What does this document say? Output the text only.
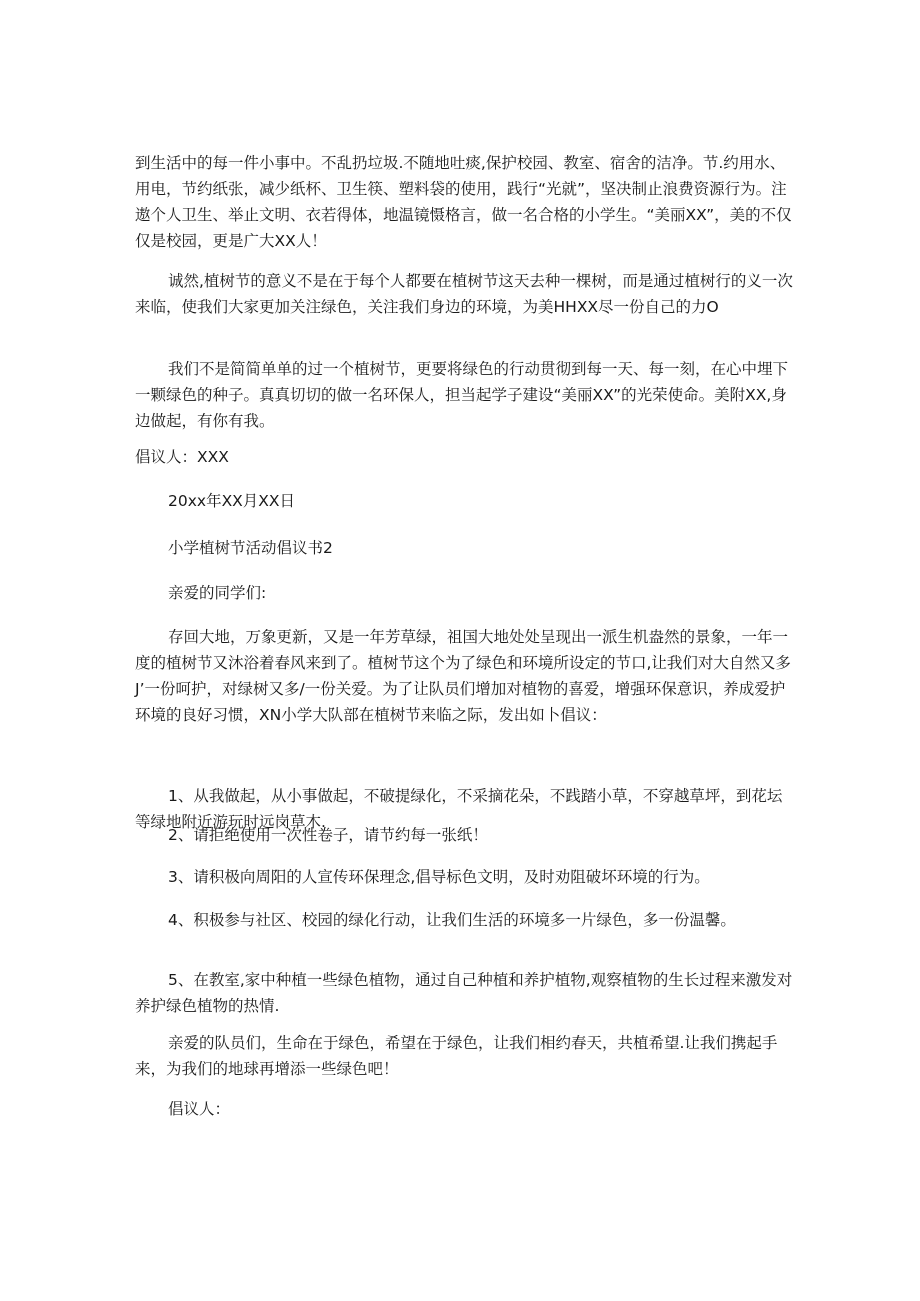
到生活中的每一件小事中。不乱扔垃圾.不随地吐痰,保护校园、教室、宿舍的洁净。节.约用水、用电，节约纸张，减少纸杯、卫生筷、塑料袋的使用，践行“光就”，坚决制止浪费资源行为。注遨个人卫生、举止文明、衣若得体，地温镜慑格言，做一名合格的小学生。“美丽XX”，美的不仅仅是校园，更是广大XX人！

诚然,植树节的意义不是在于每个人都要在植树节这天去种一棵树，而是通过植树行的义一次来临，使我们大家更加关注绿色，关注我们身边的环境，为美HHXX尽一份自己的力O

我们不是简简单单的过一个植树节，更要将绿色的行动贯彻到每一天、每一刻，在心中埋下一颗绿色的种子。真真切切的做一名环保人，担当起学子建设“美丽XX”的光荣使命。美附XX,身边做起，有你有我。

倡议人：XXX

20xx年XX月XX日

小学植树节活动倡议书2

亲爱的同学们:

存回大地，万象更新，又是一年芳草绿，祖国大地处处呈现出一派生机盎然的景象，一年一度的植树节又沐浴着春风来到了。植树节这个为了绿色和环境所设定的节口,让我们对大自然又多J’一份呵护，对绿树又多/一份关爱。为了让队员们增加对植物的喜爱，增强环保意识，养成爱护环境的良好习惯，XN小学大队部在植树节来临之际，发出如卜倡议：

1、从我做起，从小事做起，不破提绿化，不采摘花朵，不践踏小草，不穿越草坪，到花坛等绿地附近游玩时远岗草木.

2、请拒绝使用一次性卷子，请节约每一张纸！

3、请积极向周阳的人宣传环保理念,倡导标色文明，及时劝阻破坏环境的行为。

4、积极参与社区、校园的绿化行动，让我们生活的环境多一片绿色，多一份温馨。

5、在教室,家中种植一些绿色植物，通过自己种植和养护植物,观察植物的生长过程来激发对养护绿色植物的热情.

亲爱的队员们，生命在于绿色，希望在于绿色，让我们相约春天，共植希望.让我们携起手来，为我们的地球再增添一些绿色吧！

倡议人：
